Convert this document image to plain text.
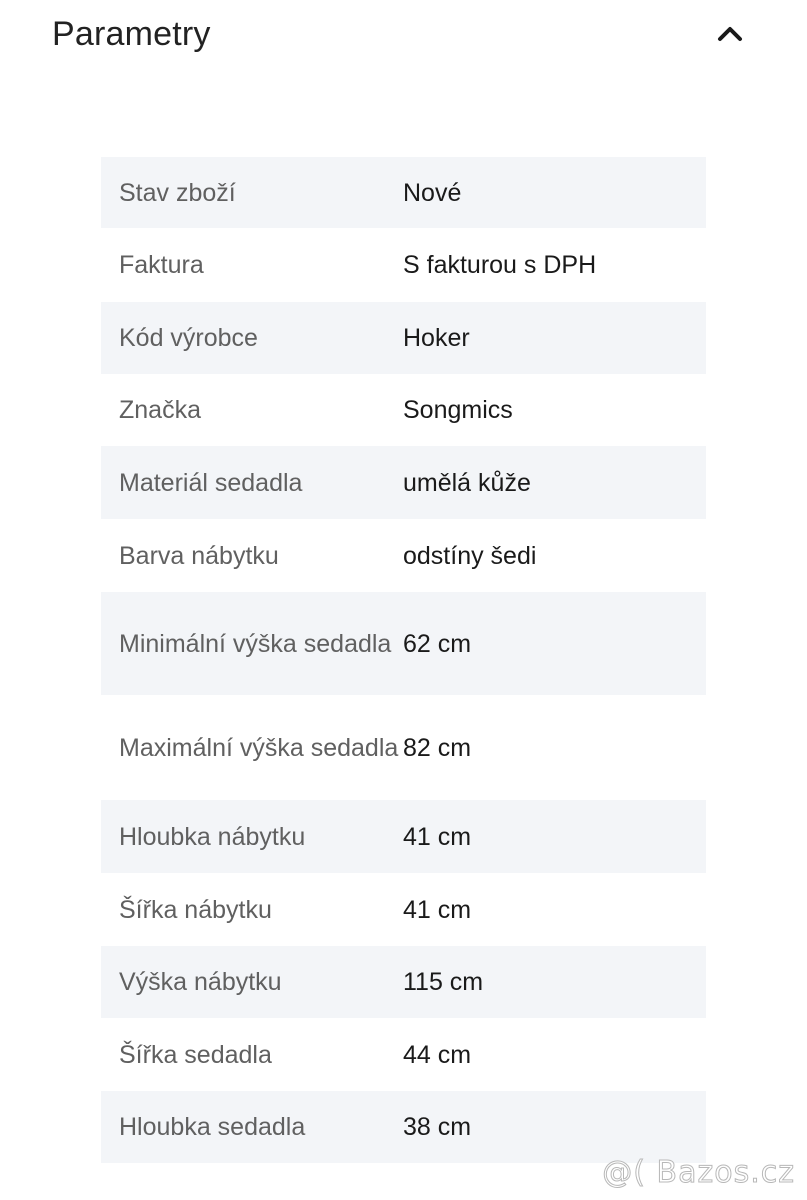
Parametry
Stav zboží	Nové
Faktura	S fakturou s DPH
Kód výrobce	Hoker
Značka	Songmics
Materiál sedadla	umělá kůže
Barva nábytku	odstíny šedi
Minimální výška sedadla 62 cm
Maximální výška sedadla 82 cm
Hloubka nábytku	41 cm
Šířka nábytku	41 cm
Výška nábytku	115 cm
Šířka sedadla	44 cm
Hloubka sedadla	38 cm
@( Bazos.cz
